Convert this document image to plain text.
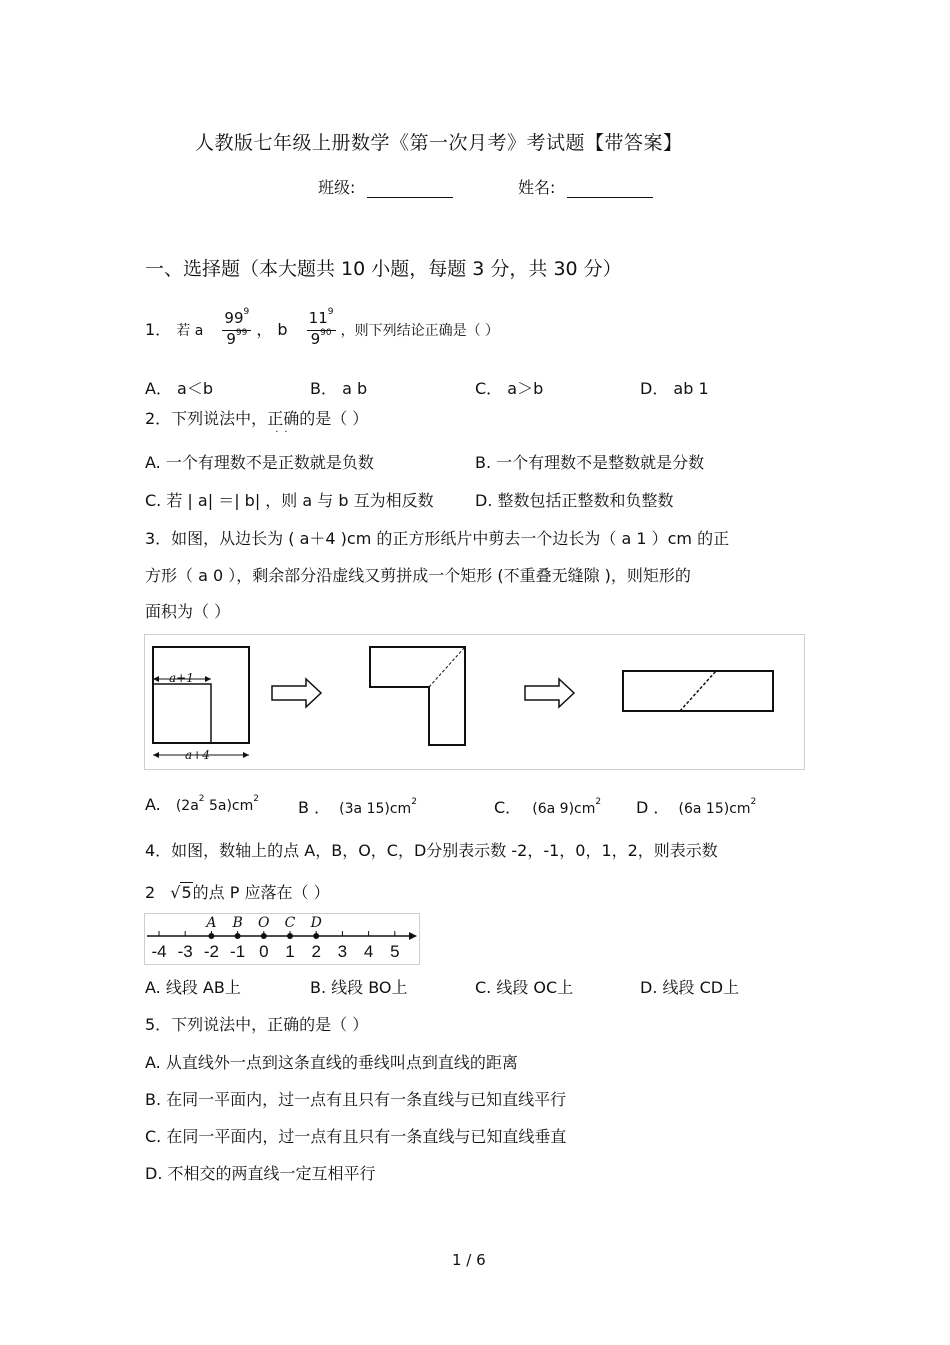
人教版七年级上册数学《第一次月考》考试题【带答案】
班级:	姓名:
一、选择题（本大题共 10 小题，每题 3 分，共 30 分）
1． 若 a $\frac{99^9}{9^{99}}$ ， b $\frac{11^9}{9^{90}}$ ，则下列结论正确是（ ）
A． a＜b	B． a b	C． a＞b	D． ab 1
2．下列说法中，正确
··
的是（ ）
A. 一个有理数不是正数就是负数	B. 一个有理数不是整数就是分数
C. 若 | a| ＝| b| ，则 a 与 b 互为相反数	D. 整数包括正整数和负整数
3．如图，从边长为 ( a＋4 )cm 的正方形纸片中剪去一个边长为（ a 1 ）cm 的正
方形（ a 0 ），剩余部分沿虚线又剪拼成一个矩形 (不重叠无缝隙 )，则矩形的
面积为（ ）
a+1
a+4
A. ($2a^2$ $5a)cm^2$ B ． (3a $15)cm^2$	C． (6a $9)cm^2$ D ． (6a $15)cm^2$
4．如图，数轴上的点 A，B，O，C，D分别表示数 -2，-1，0，1，2，则表示数
2 √5的点 P 应落在（ ）
-4 -3 -2 -1 0 1 2 3 4 5
A B O C D
A. 线段 AB上	B. 线段 BO上	C. 线段 OC上	D. 线段 CD上
5．下列说法中，正确的是（ ）
A. 从直线外一点到这条直线的垂线叫点到直线的距离
B. 在同一平面内，过一点有且只有一条直线与已知直线平行
C. 在同一平面内，过一点有且只有一条直线与已知直线垂直
D. 不相交的两直线一定互相平行
1 / 6
